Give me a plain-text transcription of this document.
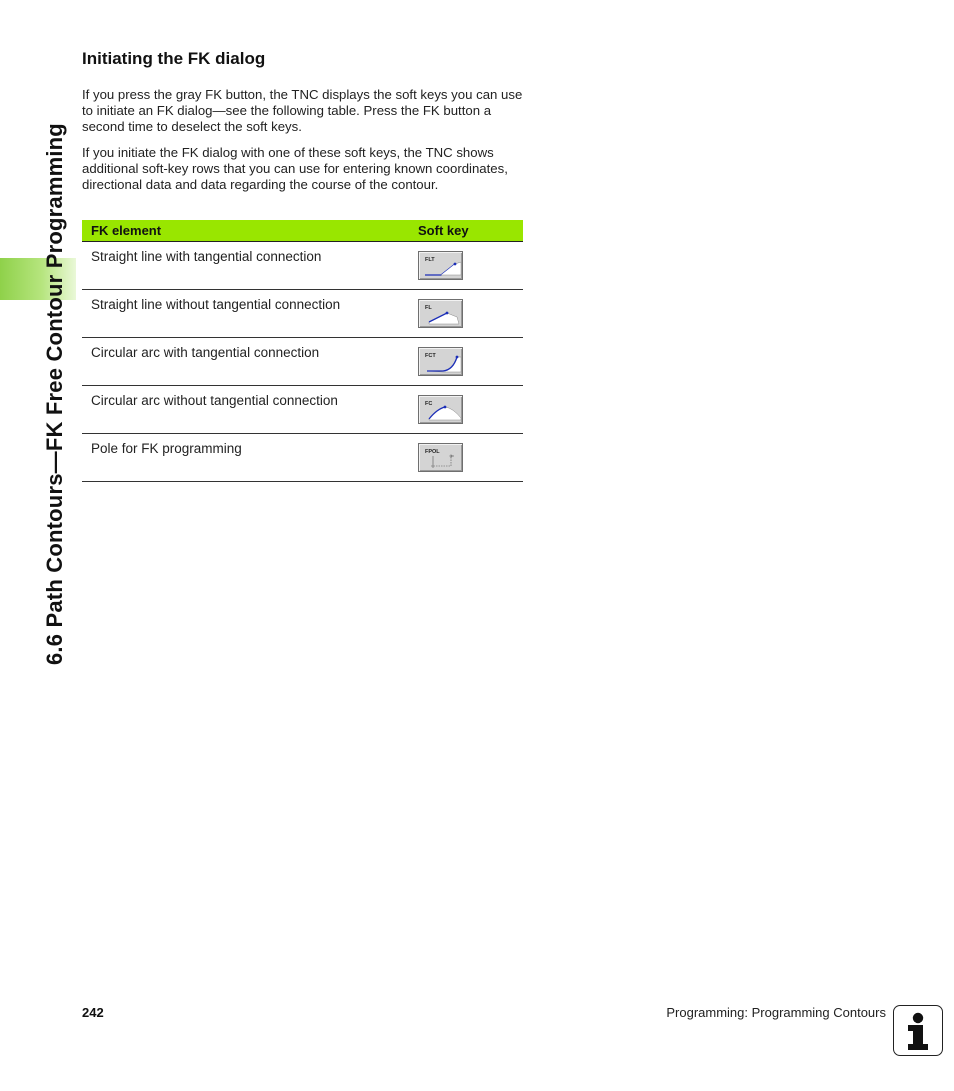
6.6 Path Contours—FK Free Contour Programming
Initiating the FK dialog

If you press the gray FK button, the TNC displays the soft keys you can use to initiate an FK dialog—see the following table. Press the FK button a second time to deselect the soft keys.

If you initiate the FK dialog with one of these soft keys, the TNC shows additional soft-key rows that you can use for entering known coordinates, directional data and data regarding the course of the contour.

FK element	Soft key
Straight line with tangential connection	FLT
Straight line without tangential connection	FL
Circular arc with tangential connection	FCT
Circular arc without tangential connection	FC
Pole for FK programming	FPOL
242	Programming: Programming Contours
